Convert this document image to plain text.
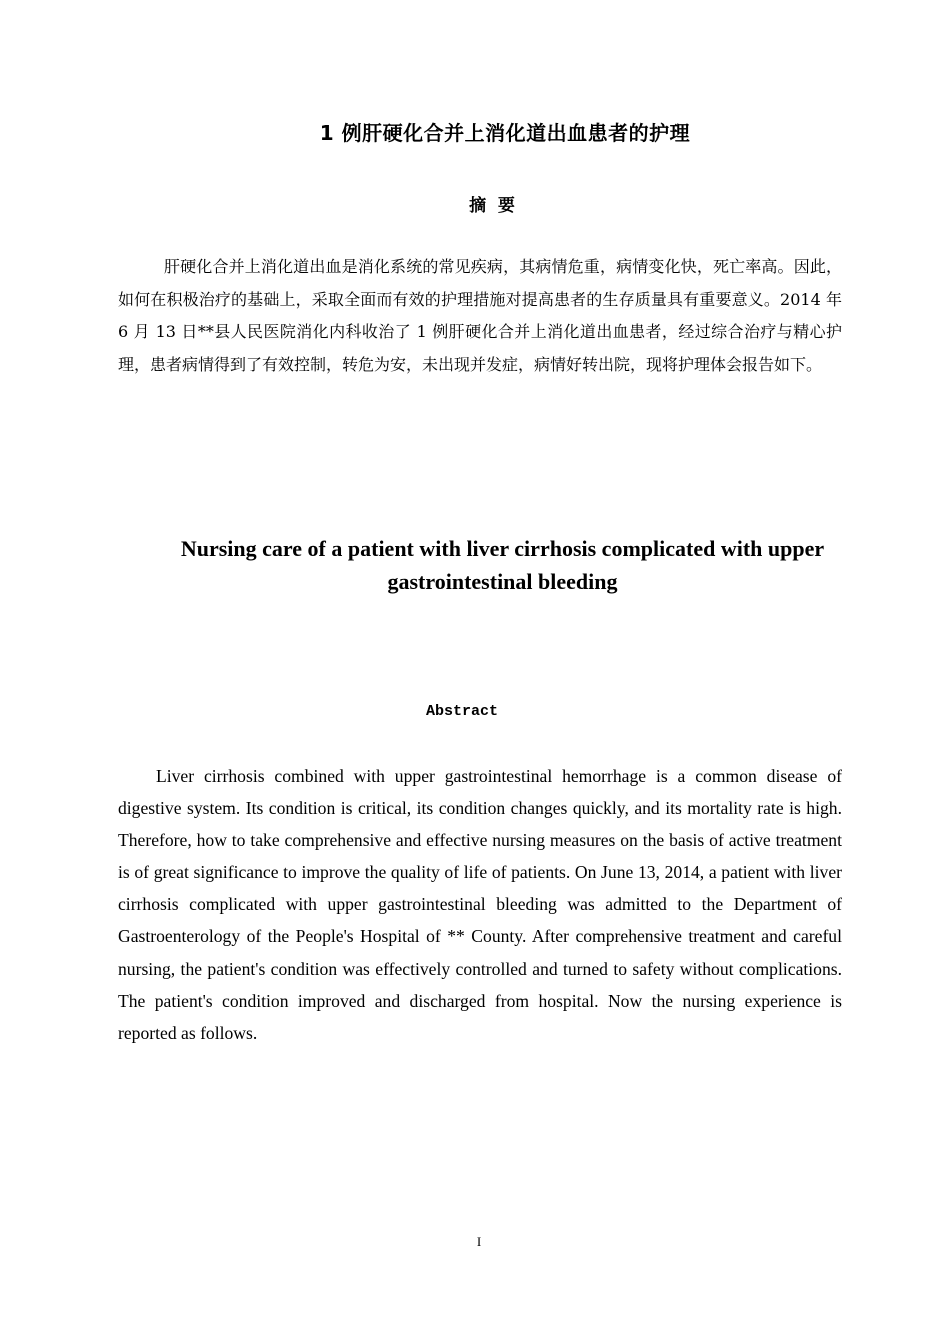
1 例肝硬化合并上消化道出血患者的护理
摘  要

肝硬化合并上消化道出血是消化系统的常见疾病，其病情危重，病情变化快，死亡率高。因此，如何在积极治疗的基础上，采取全面而有效的护理措施对提高患者的生存质量具有重要意义。2014 年 6 月 13 日**县人民医院消化内科收治了 1 例肝硬化合并上消化道出血患者，经过综合治疗与精心护理，患者病情得到了有效控制，转危为安，未出现并发症，病情好转出院，现将护理体会报告如下。

Nursing care of a patient with liver cirrhosis complicated with upper gastrointestinal bleeding
Abstract

Liver cirrhosis combined with upper gastrointestinal hemorrhage is a common disease of digestive system. Its condition is critical, its condition changes quickly, and its mortality rate is high. Therefore, how to take comprehensive and effective nursing measures on the basis of active treatment is of great significance to improve the quality of life of patients. On June 13, 2014, a patient with liver cirrhosis complicated with upper gastrointestinal bleeding was admitted to the Department of Gastroenterology of the People's Hospital of ** County. After comprehensive treatment and careful nursing, the patient's condition was effectively controlled and turned to safety without complications. The patient's condition improved and discharged from hospital. Now the nursing experience is reported as follows.

I
